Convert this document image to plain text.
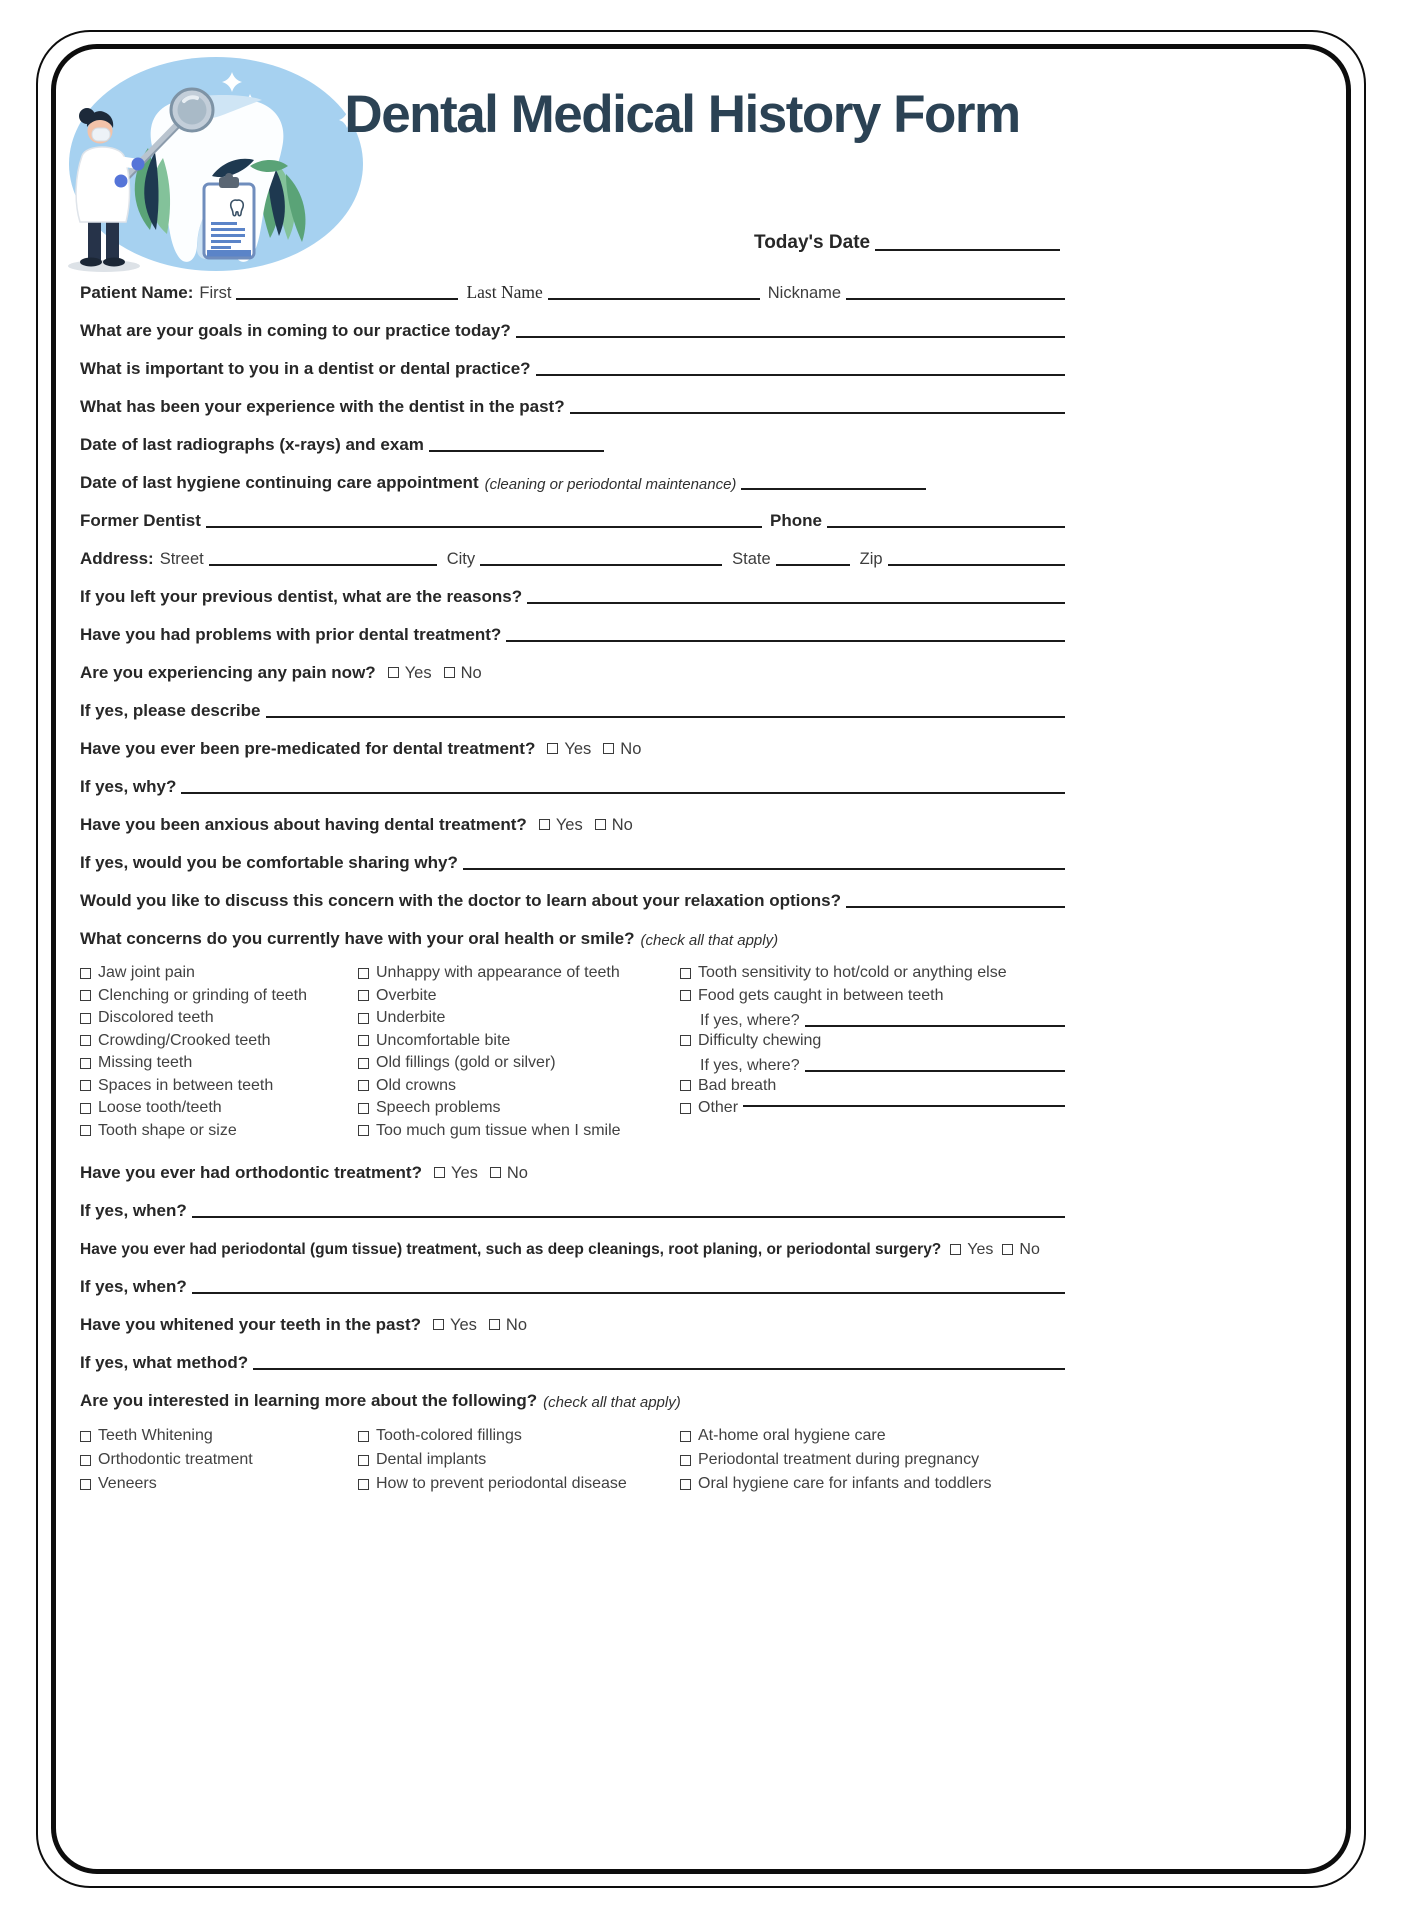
Dental Medical History Form
Today's Date
Patient Name: First	Last Name	Nickname
What are your goals in coming to our practice today?
What is important to you in a dentist or dental practice?
What has been your experience with the dentist in the past?
Date of last radiographs (x-rays) and exam
Date of last hygiene continuing care appointment (cleaning or periodontal maintenance)
Former Dentist	Phone
Address: Street	City	State	Zip
If you left your previous dentist, what are the reasons?
Have you had problems with prior dental treatment?
Are you experiencing any pain now? Yes No
If yes, please describe
Have you ever been pre-medicated for dental treatment? Yes No
If yes, why?
Have you been anxious about having dental treatment? Yes No
If yes, would you be comfortable sharing why?
Would you like to discuss this concern with the doctor to learn about your relaxation options?
What concerns do you currently have with your oral health or smile? (check all that apply)
Jaw joint pain
Clenching or grinding of teeth
Discolored teeth
Crowding/Crooked teeth
Missing teeth
Spaces in between teeth
Loose tooth/teeth
Tooth shape or size
Unhappy with appearance of teeth
Overbite
Underbite
Uncomfortable bite
Old fillings (gold or silver)
Old crowns
Speech problems
Too much gum tissue when I smile
Tooth sensitivity to hot/cold or anything else
Food gets caught in between teeth
If yes, where?
Difficulty chewing
If yes, where?
Bad breath
Other
Have you ever had orthodontic treatment? Yes No
If yes, when?
Have you ever had periodontal (gum tissue) treatment, such as deep cleanings, root planing, or periodontal surgery? Yes No
If yes, when?
Have you whitened your teeth in the past? Yes No
If yes, what method?
Are you interested in learning more about the following? (check all that apply)
Teeth Whitening
Orthodontic treatment
Veneers
Tooth-colored fillings
Dental implants
How to prevent periodontal disease
At-home oral hygiene care
Periodontal treatment during pregnancy
Oral hygiene care for infants and toddlers
